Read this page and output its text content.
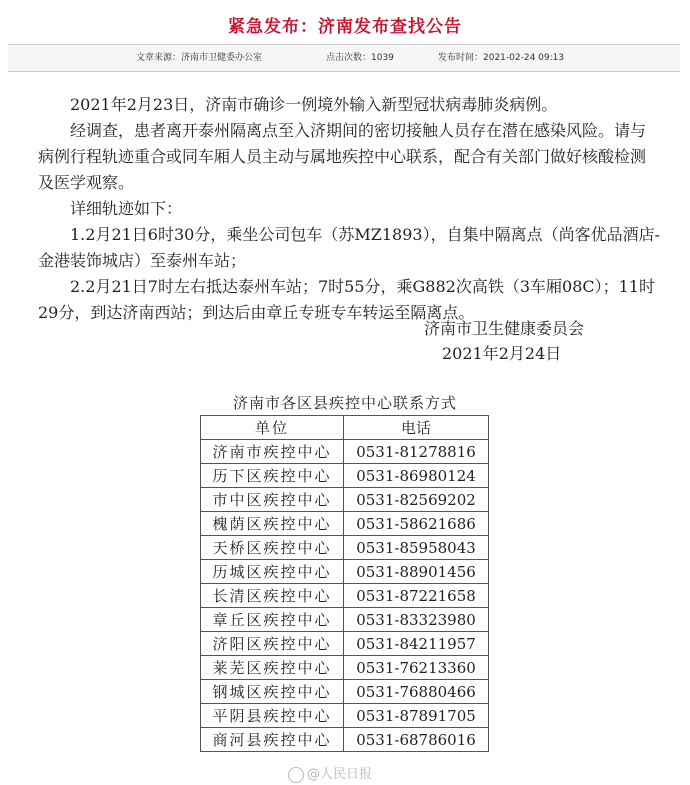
紧急发布：济南发布查找公告
文章来源：济南市卫健委办公室	点击次数：1039	发布时间：2021-02-24 09:13

2021年2月23日，济南市确诊一例境外输入新型冠状病毒肺炎病例。

经调查，患者离开泰州隔离点至入济期间的密切接触人员存在潜在感染风险。请与病例行程轨迹重合或同车厢人员主动与属地疾控中心联系，配合有关部门做好核酸检测及医学观察。

详细轨迹如下：

1.2月21日6时30分，乘坐公司包车（苏MZ1893），自集中隔离点（尚客优品酒店-金港装饰城店）至泰州车站；

2.2月21日7时左右抵达泰州车站；7时55分，乘G882次高铁（3车厢08C）；11时29分，到达济南西站；到达后由章丘专班专车转运至隔离点。

济南市卫生健康委员会
2021年2月24日
济南市各区县疾控中心联系方式
单位	电话
济南市疾控中心	0531-81278816
历下区疾控中心	0531-86980124
市中区疾控中心	0531-82569202
槐荫区疾控中心	0531-58621686
天桥区疾控中心	0531-85958043
历城区疾控中心	0531-88901456
长清区疾控中心	0531-87221658
章丘区疾控中心	0531-83323980
济阳区疾控中心	0531-84211957
莱芜区疾控中心	0531-76213360
钢城区疾控中心	0531-76880466
平阴县疾控中心	0531-87891705
商河县疾控中心	0531-68786016
@人民日报
